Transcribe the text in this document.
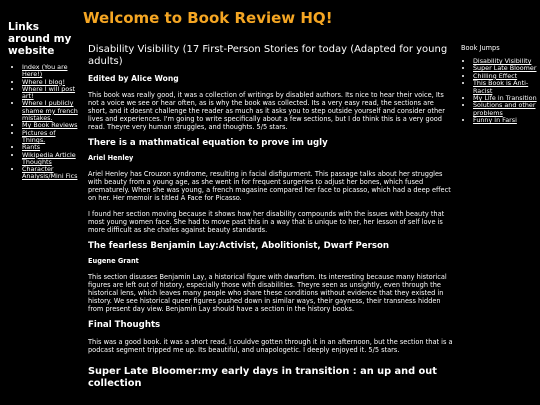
Welcome to Book Review HQ!
Links around my website
• Index (You are Here!)
• Where I blog!
• Where I will post art!
• Where I publicly shame my french mistakes.
• My Book Reviews
• Pictures of Things.
• Rants
• Wikipedia Article Thoughts
• Character Analysis/Mini Fics
Disability Visibility (17 First-Person Stories for today (Adapted for young adults)
Edited by Alice Wong

This book was really good, it was a collection of writings by disabled authors. Its nice to hear their voice, Its not a voice we see or hear often, as is why the book was collected. Its a very easy read, the sections are short, and it doesnt challenge the reader as much as it asks you to step outside yourself and consider other lives and experiences. I'm going to write specifically about a few sections, but I do think this is a very good read. Theyre very human struggles, and thoughts. 5/5 stars.

There is a mathmatical equation to prove im ugly
Ariel Henley

Ariel Henley has Crouzon syndrome, resulting in facial disfigurment. This passage talks about her struggles with beauty from a young age, as she went in for frequent surgeries to adjust her bones, which fused prematurely. When she was young, a french magasine compared her face to picasso, which had a deep effect on her. Her memoir is titled A Face for Picasso.

I found her section moving because it shows how her disability compounds with the issues with beauty that most young women face. She had to move past this in a way that is unique to her, her lesson of self love is more difficult as she chafes against beauty standards.

The fearless Benjamin Lay:Activist, Abolitionist, Dwarf Person
Eugene Grant

This section disusses Benjamin Lay, a historical figure with dwarfism. Its interesting because many historical figures are left out of history, especially those with disabilities. Theyre seen as unsightly, even through the historical lens, which leaves many people who share these conditions without evidence that they existed in history. We see historical queer figures pushed down in similar ways, their gayness, their transness hidden from present day view. Benjamin Lay should have a section in the history books.

Final Thoughts

This was a good book. it was a short read, I couldve gotten through it in an afternoon, but the section that is a podcast segment tripped me up. Its beautiful, and unapologetic. I deeply enjoyed it. 5/5 stars.

Super Late Bloomer:my early days in transition : an up and out collection
Book Jumps
• Disability Visibility
• Super Late Bloomer
• Chilling Effect
• This Book is Anti-Racist
• My Life in Transition
• Solutions and other problems
• Funny in Farsi
